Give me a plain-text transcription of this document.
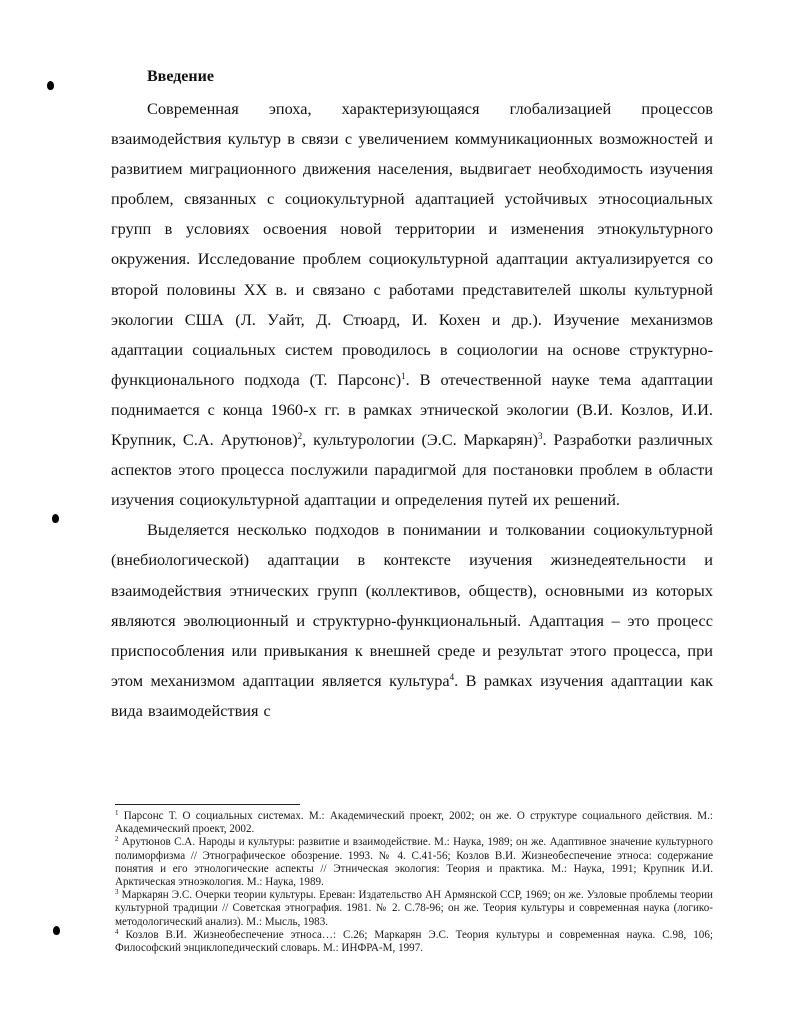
Введение

Современная эпоха, характеризующаяся глобализацией процессов взаимодействия культур в связи с увеличением коммуникационных возможностей и развитием миграционного движения населения, выдвигает необходимость изучения проблем, связанных с социокультурной адаптацией устойчивых этносоциальных групп в условиях освоения новой территории и изменения этнокультурного окружения. Исследование проблем социокультурной адаптации актуализируется со второй половины XX в. и связано с работами представителей школы культурной экологии США (Л. Уайт, Д. Стюард, И. Кохен и др.). Изучение механизмов адаптации социальных систем проводилось в социологии на основе структурно-функционального подхода (Т. Парсонс)$^1$. В отечественной науке тема адаптации поднимается с конца 1960-х гг. в рамках этнической экологии (В.И. Козлов, И.И. Крупник, С.А. Арутюнов)$^2$, культурологии (Э.С. Маркарян)$^3$. Разработки различных аспектов этого процесса послужили парадигмой для постановки проблем в области изучения социокультурной адаптации и определения путей их решений.

Выделяется несколько подходов в понимании и толковании социокультурной (внебиологической) адаптации в контексте изучения жизнедеятельности и взаимодействия этнических групп (коллективов, обществ), основными из которых являются эволюционный и структурно-функциональный. Адаптация – это процесс приспособления или привыкания к внешней среде и результат этого процесса, при этом механизмом адаптации является культура$^4$. В рамках изучения адаптации как вида взаимодействия с

$^1$ Парсонс Т. О социальных системах. М.: Академический проект, 2002; он же. О структуре социального действия. М.: Академический проект, 2002.

$^2$ Арутюнов С.А. Народы и культуры: развитие и взаимодействие. М.: Наука, 1989; он же. Адаптивное значение культурного полиморфизма // Этнографическое обозрение. 1993. № 4. С.41-56; Козлов В.И. Жизнеобеспечение этноса: содержание понятия и его этнологические аспекты // Этническая экология: Теория и практика. М.: Наука, 1991; Крупник И.И. Арктическая этноэкология. М.: Наука, 1989.

$^3$ Маркарян Э.С. Очерки теории культуры. Ереван: Издательство АН Армянской ССР, 1969; он же. Узловые проблемы теории культурной традиции // Советская этнография. 1981. № 2. С.78-96; он же. Теория культуры и современная наука (логико-методологический анализ). М.: Мысль, 1983.

$^4$ Козлов В.И. Жизнеобеспечение этноса…: С.26; Маркарян Э.С. Теория культуры и современная наука. С.98, 106; Философский энциклопедический словарь. М.: ИНФРА-М, 1997.
